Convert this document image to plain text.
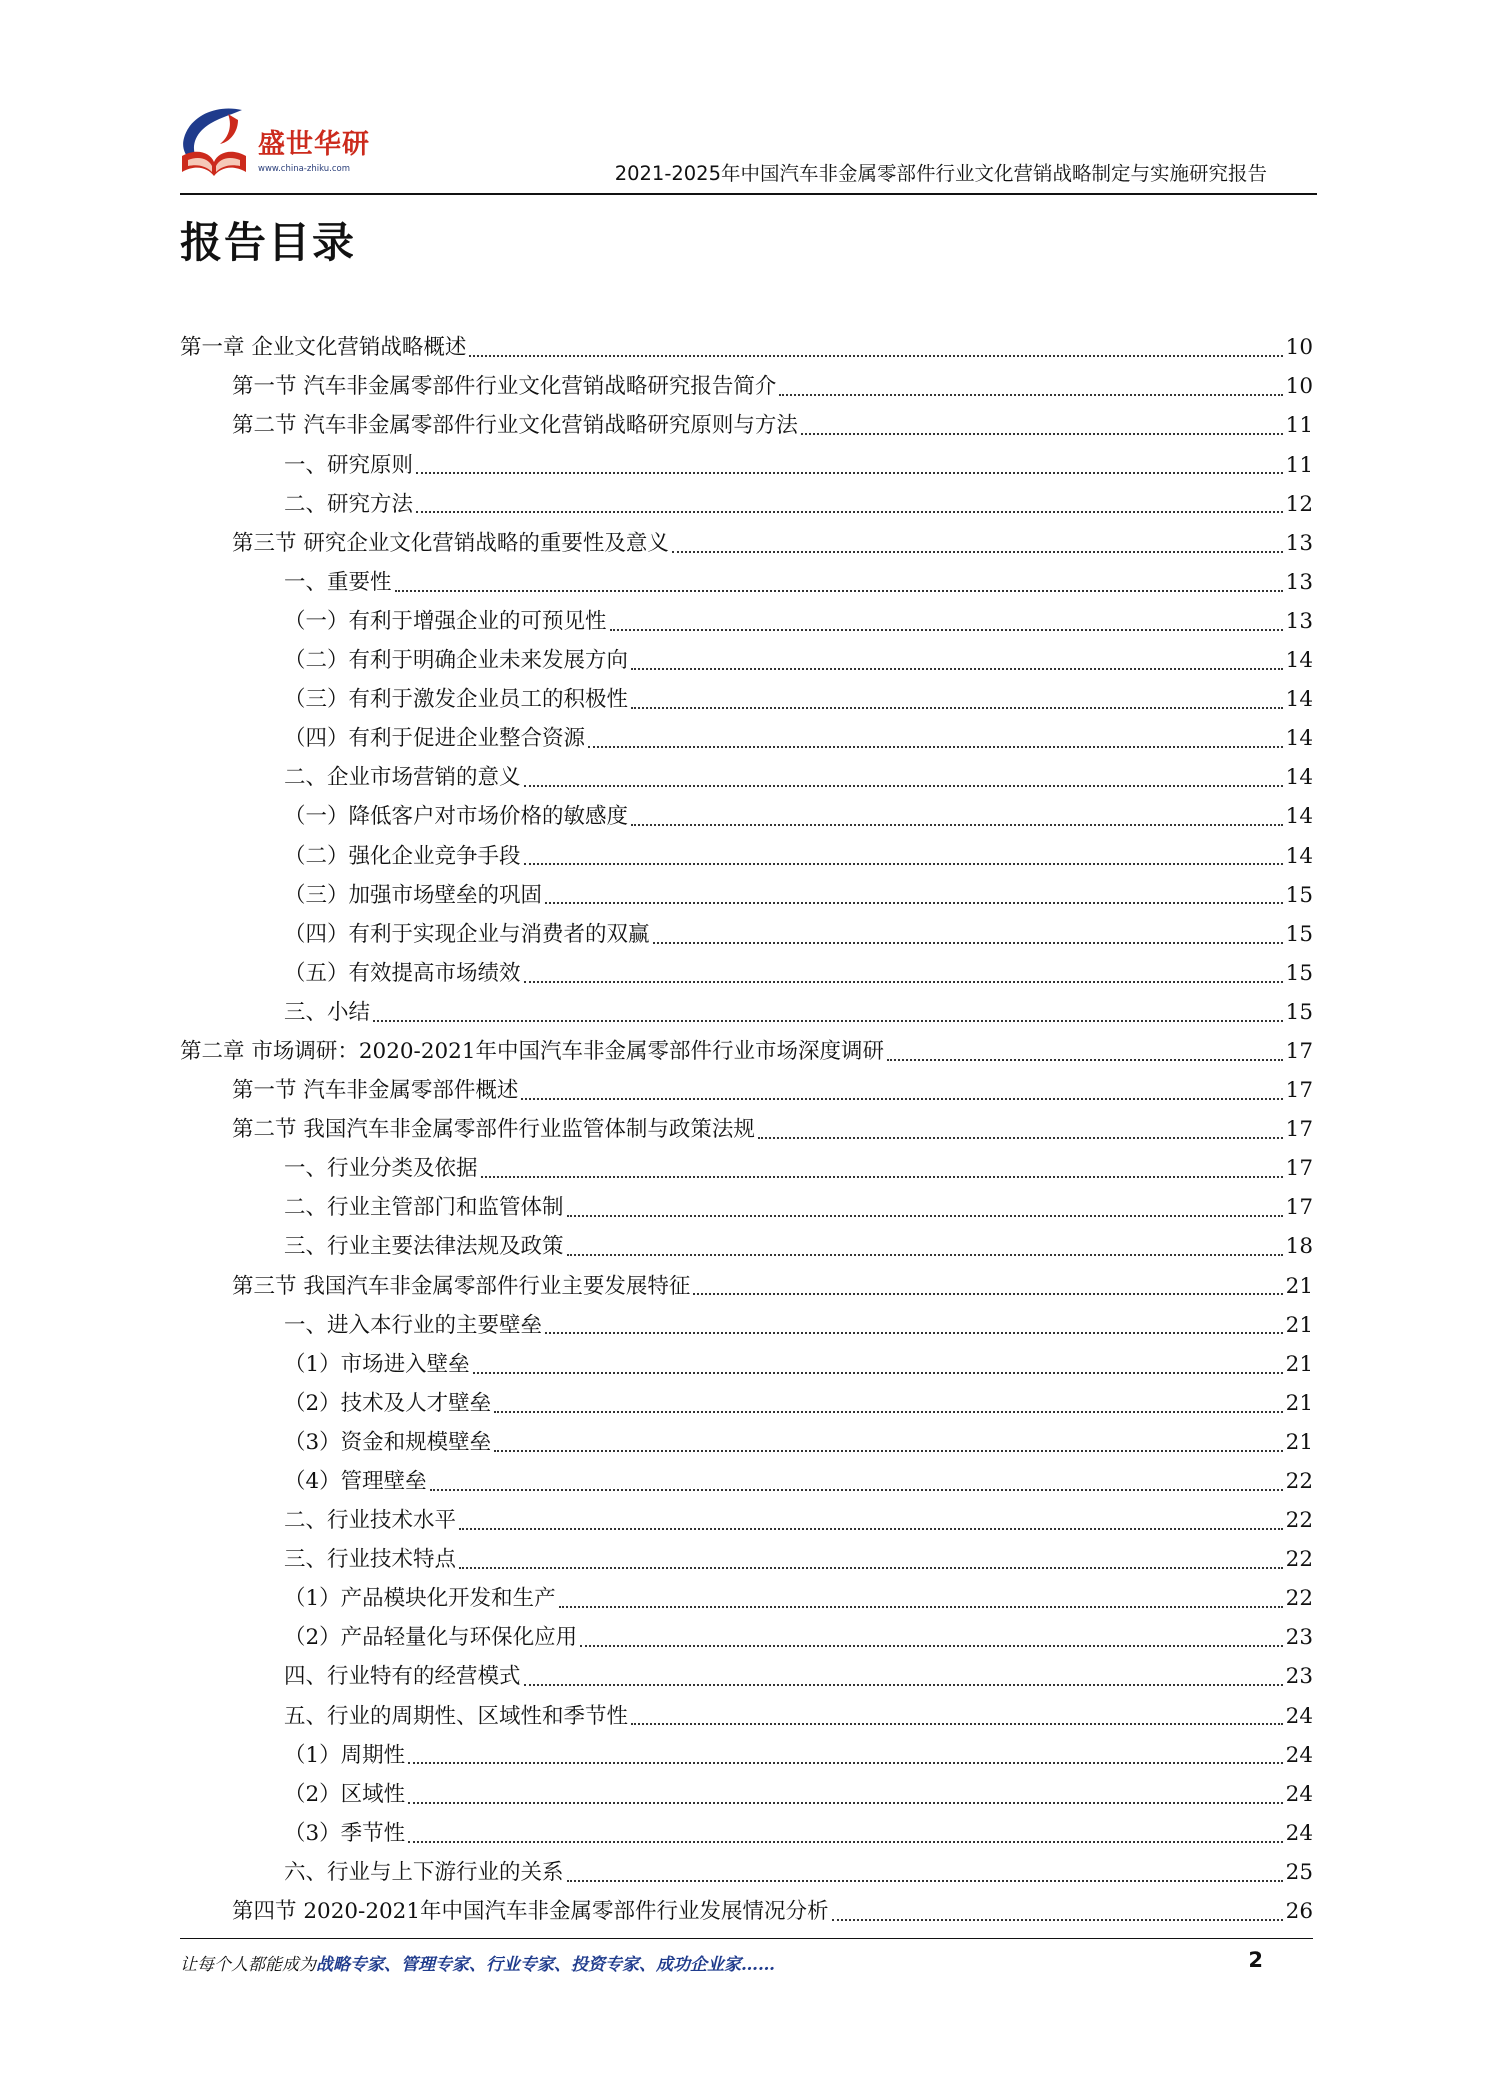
盛世华研
www.china-zhiku.com	2021-2025年中国汽车非金属零部件行业文化营销战略制定与实施研究报告
报告目录
第一章 企业文化营销战略概述	10
第一节 汽车非金属零部件行业文化营销战略研究报告简介	10
第二节 汽车非金属零部件行业文化营销战略研究原则与方法	11
一、研究原则	11
二、研究方法	12
第三节 研究企业文化营销战略的重要性及意义	13
一、重要性	13
（一）有利于增强企业的可预见性	13
（二）有利于明确企业未来发展方向	14
（三）有利于激发企业员工的积极性	14
（四）有利于促进企业整合资源	14
二、企业市场营销的意义	14
（一）降低客户对市场价格的敏感度	14
（二）强化企业竞争手段	14
（三）加强市场壁垒的巩固	15
（四）有利于实现企业与消费者的双赢	15
（五）有效提高市场绩效	15
三、小结	15
第二章 市场调研：2020-2021年中国汽车非金属零部件行业市场深度调研	17
第一节 汽车非金属零部件概述	17
第二节 我国汽车非金属零部件行业监管体制与政策法规	17
一、行业分类及依据	17
二、行业主管部门和监管体制	17
三、行业主要法律法规及政策	18
第三节 我国汽车非金属零部件行业主要发展特征	21
一、进入本行业的主要壁垒	21
（1）市场进入壁垒	21
（2）技术及人才壁垒	21
（3）资金和规模壁垒	21
（4）管理壁垒	22
二、行业技术水平	22
三、行业技术特点	22
（1）产品模块化开发和生产	22
（2）产品轻量化与环保化应用	23
四、行业特有的经营模式	23
五、行业的周期性、区域性和季节性	24
（1）周期性	24
（2）区域性	24
（3）季节性	24
六、行业与上下游行业的关系	25
第四节 2020-2021年中国汽车非金属零部件行业发展情况分析	26
让每个人都能成为战略专家、管理专家、行业专家、投资专家、成功企业家……	2
